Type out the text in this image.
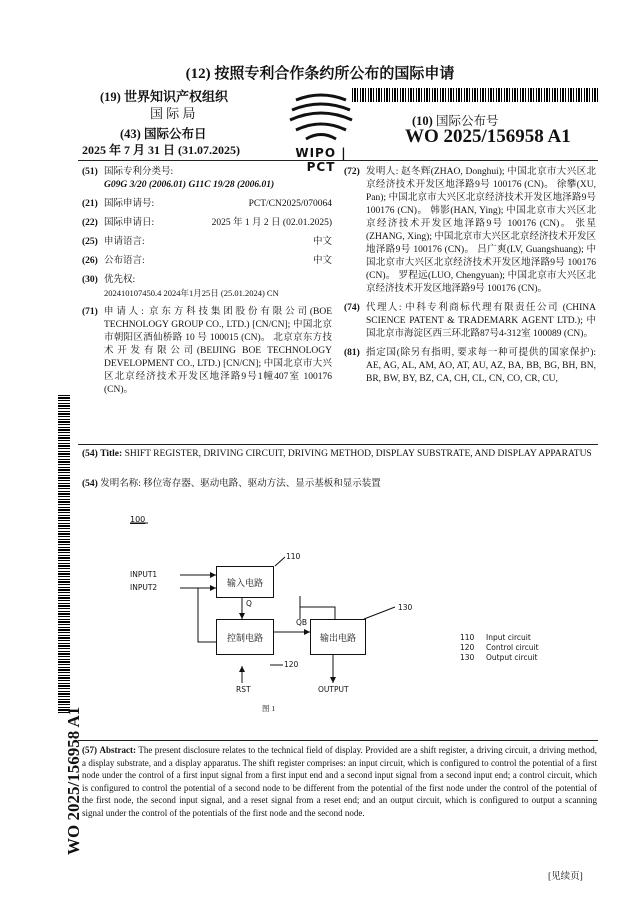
(12) 按照专利合作条约所公布的国际申请
(19) 世界知识产权组织
国 际 局
(43) 国际公布日
2025 年 7 月 31 日 (31.07.2025)	WIPO | PCT
(10) 国际公布号
WO 2025/156958 A1
(51) 国际专利分类号:
G09G 3/20 (2006.01) G11C 19/28 (2006.01)
(21) 国际申请号:	PCT/CN2025/070064
(22) 国际申请日:	2025 年 1 月 2 日 (02.01.2025)
(25) 申请语言:	中文
(26) 公布语言:	中文
(30) 优先权:
202410107450.4 2024年1月25日 (25.01.2024) CN
(71) 申请人: 京东方科技集团股份有限公司(BOE TECHNOLOGY GROUP CO., LTD.) [CN/CN]; 中国北京市朝阳区酒仙桥路 10 号 100015 (CN)。 北京京东方技术开发有限公司(BEIJING BOE TECHNOLOGY DEVELOPMENT CO., LTD.) [CN/CN]; 中国北京市大兴区北京经济技术开发区地泽路9号1幢407室 100176 (CN)。
(72) 发明人: 赵冬辉(ZHAO, Donghui); 中国北京市大兴区北京经济技术开发区地泽路9号 100176 (CN)。 徐攀(XU, Pan); 中国北京市大兴区北京经济技术开发区地泽路9号 100176 (CN)。 韩影(HAN, Ying); 中国北京市大兴区北京经济技术开发区地泽路9号 100176 (CN)。 张星(ZHANG, Xing); 中国北京市大兴区北京经济技术开发区地泽路9号 100176 (CN)。 吕广爽(LV, Guangshuang); 中国北京市大兴区北京经济技术开发区地泽路9号 100176 (CN)。 罗程远(LUO, Chengyuan); 中国北京市大兴区北京经济技术开发区地泽路9号 100176 (CN)。
(74) 代理人: 中科专利商标代理有限责任公司 (CHINA SCIENCE PATENT & TRADEMARK AGENT LTD.); 中国北京市海淀区西三环北路87号4-312室 100089 (CN)。
(81) 指定国(除另有指明, 要求每一种可提供的国家保护): AE, AG, AL, AM, AO, AT, AU, AZ, BA, BB, BG, BH, BN, BR, BW, BY, BZ, CA, CH, CL, CN, CO, CR, CU,
WO 2025/156958 A1
(54) Title: SHIFT REGISTER, DRIVING CIRCUIT, DRIVING METHOD, DISPLAY SUBSTRATE, AND DISPLAY APPARATUS
(54) 发明名称: 移位寄存器、驱动电路、驱动方法、显示基板和显示装置
100
INPUT1
INPUT2	输入电路
控制电路	输出电路
Q
QB
110
130
120
RST	OUTPUT
图 1
110 Input circuit
120 Control circuit
130 Output circuit
(57) Abstract: The present disclosure relates to the technical field of display. Provided are a shift register, a driving circuit, a driving method, a display substrate, and a display apparatus. The shift register comprises: an input circuit, which is configured to control the potential of a first node under the control of a first input signal from a first input end and a second input signal from a second input end; a control circuit, which is configured to control the potential of a second node to be different from the potential of the first node under the control of the potential of the first node, the second input signal, and a reset signal from a reset end; and an output circuit, which is configured to output a scanning signal under the control of the potentials of the first node and the second node.
[见续页]
